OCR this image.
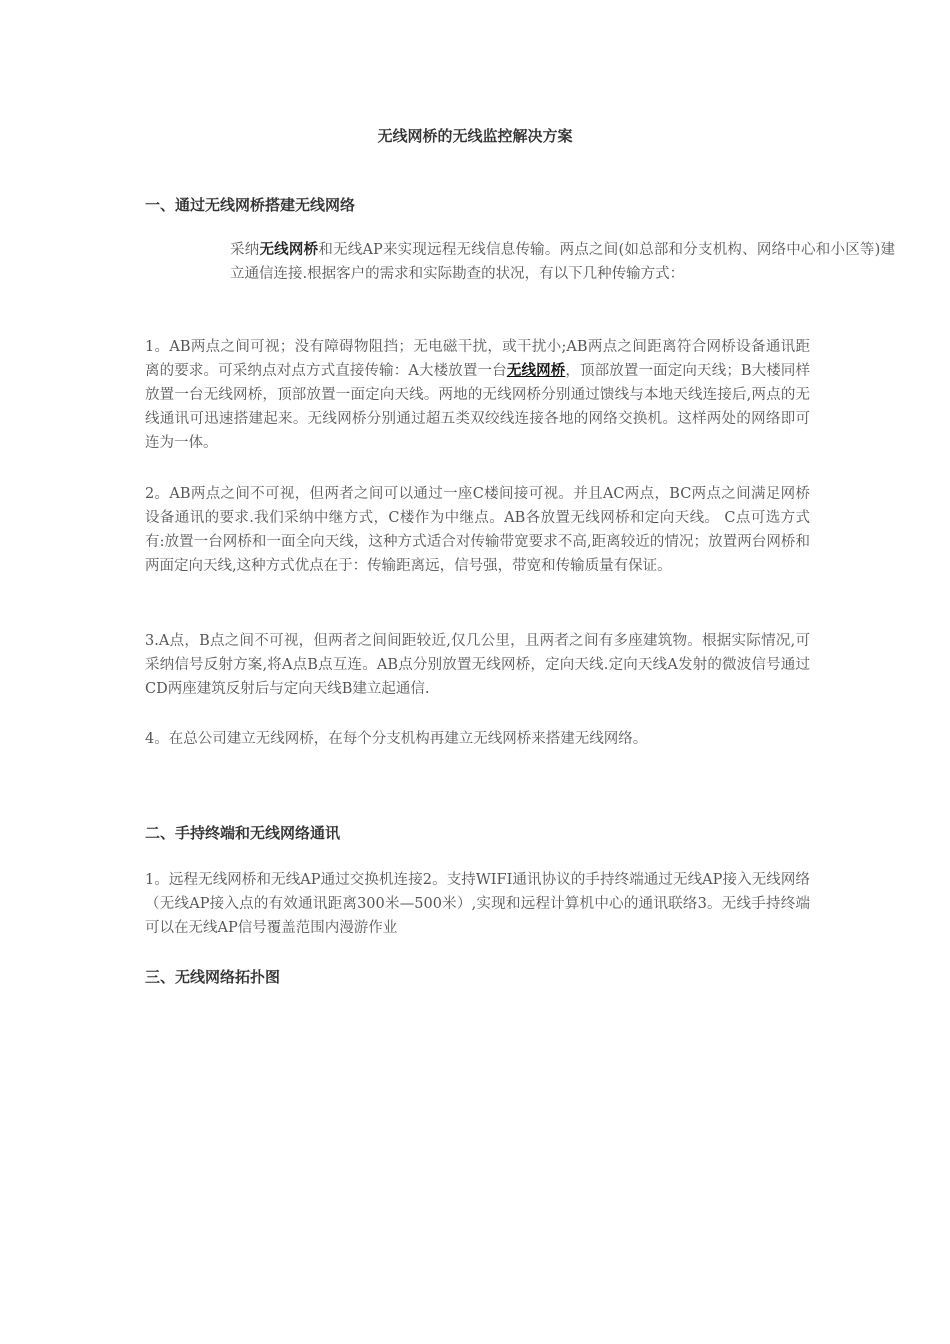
无线网桥的无线监控解决方案
一、通过无线网桥搭建无线网络

采纳无线网桥和无线AP来实现远程无线信息传输。两点之间(如总部和分支机构、网络中心和小区等)建立通信连接.根据客户的需求和实际勘查的状况，有以下几种传输方式：

1。AB两点之间可视；没有障碍物阻挡；无电磁干扰，或干扰小;AB两点之间距离符合网桥设备通讯距离的要求。可采纳点对点方式直接传输：A大楼放置一台无线网桥，顶部放置一面定向天线；B大楼同样放置一台无线网桥，顶部放置一面定向天线。两地的无线网桥分别通过馈线与本地天线连接后,两点的无线通讯可迅速搭建起来。无线网桥分别通过超五类双绞线连接各地的网络交换机。这样两处的网络即可连为一体。

2。AB两点之间不可视，但两者之间可以通过一座C楼间接可视。并且AC两点，BC两点之间满足网桥设备通讯的要求.我们采纳中继方式，C楼作为中继点。AB各放置无线网桥和定向天线。 C点可选方式有:放置一台网桥和一面全向天线，这种方式适合对传输带宽要求不高,距离较近的情况；放置两台网桥和两面定向天线,这种方式优点在于：传输距离远，信号强，带宽和传输质量有保证。

3.A点，B点之间不可视，但两者之间间距较近,仅几公里，且两者之间有多座建筑物。根据实际情况,可采纳信号反射方案,将A点B点互连。AB点分别放置无线网桥，定向天线.定向天线A发射的微波信号通过CD两座建筑反射后与定向天线B建立起通信.

4。在总公司建立无线网桥，在每个分支机构再建立无线网桥来搭建无线网络。

二、手持终端和无线网络通讯

1。远程无线网桥和无线AP通过交换机连接2。支持WIFI通讯协议的手持终端通过无线AP接入无线网络（无线AP接入点的有效通讯距离300米—500米）,实现和远程计算机中心的通讯联络3。无线手持终端可以在无线AP信号覆盖范围内漫游作业

三、无线网络拓扑图
